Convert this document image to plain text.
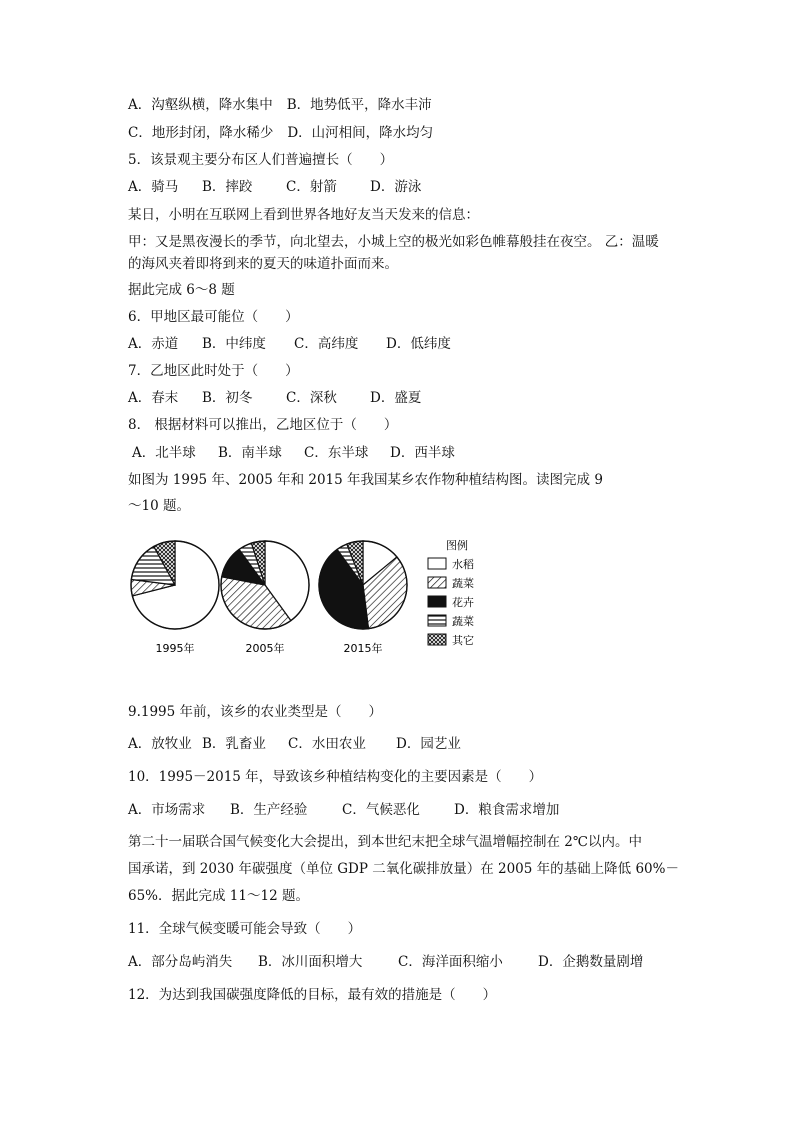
A．沟壑纵横，降水集中 B．地势低平，降水丰沛
C．地形封闭，降水稀少 D．山河相间，降水均匀
5．该景观主要分布区人们普遍擅长（　　）
A．骑马 B．摔跤 C．射箭 D．游泳
某日，小明在互联网上看到世界各地好友当天发来的信息：
甲：又是黑夜漫长的季节，向北望去，小城上空的极光如彩色帷幕般挂在夜空。 乙：温暖
的海风夹着即将到来的夏天的味道扑面而来。
据此完成 6～8 题
6．甲地区最可能位（　　）
A．赤道 B．中纬度 C．高纬度 D．低纬度
7．乙地区此时处于（　　）
A．春末 B．初冬 C．深秋 D．盛夏
8． 根据材料可以推出，乙地区位于（　　）
A．北半球 B．南半球 C．东半球 D．西半球
如图为 1995 年、2005 年和 2015 年我国某乡农作物种植结构图。读图完成 9
～10 题。
1995年	2005年	2015年
图例
水稻
蔬菜
花卉
蔬菜
其它
9.1995 年前，该乡的农业类型是（　　）
A．放牧业 B．乳畜业 C．水田农业 D．园艺业
10．1995－2015 年，导致该乡种植结构变化的主要因素是（　　）
A．市场需求 B．生产经验	C．气候恶化	D．粮食需求增加
第二十一届联合国气候变化大会提出，到本世纪末把全球气温增幅控制在 2℃以内。中
国承诺，到 2030 年碳强度（单位 GDP 二氧化碳排放量）在 2005 年的基础上降低 60%－
65%．据此完成 11～12 题。
11．全球气候变暖可能会导致（　　）
A．部分岛屿消失 B．冰川面积增大	C．海洋面积缩小	D．企鹅数量剧增
12．为达到我国碳强度降低的目标，最有效的措施是（　　）
